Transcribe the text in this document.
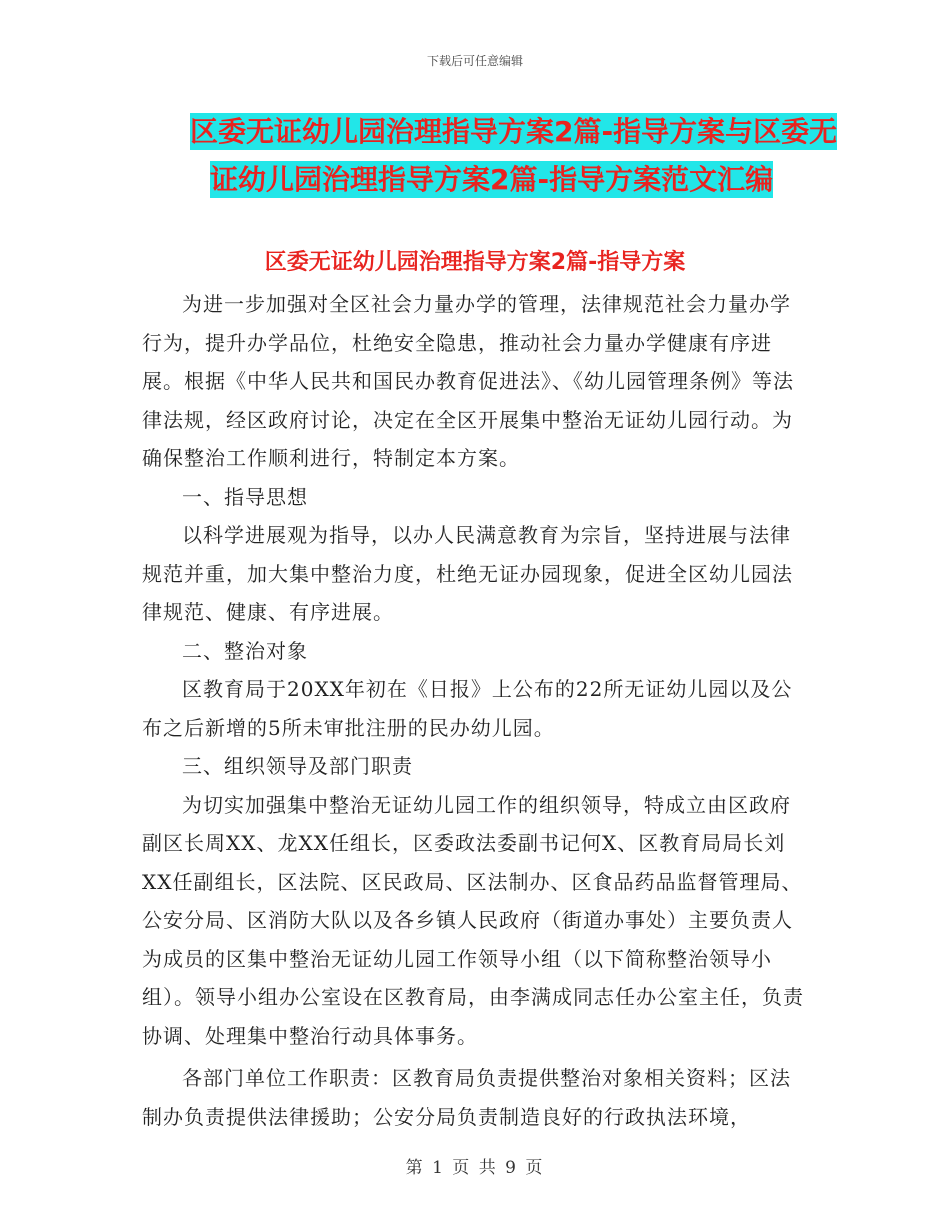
下载后可任意编辑
区委无证幼儿园治理指导方案2篇-指导方案与区委无
证幼儿园治理指导方案2篇-指导方案范文汇编
区委无证幼儿园治理指导方案2篇-指导方案

为进一步加强对全区社会力量办学的管理，法律规范社会力量办学行为，提升办学品位，杜绝安全隐患，推动社会力量办学健康有序进展。根据《中华人民共和国民办教育促进法》、《幼儿园管理条例》等法律法规，经区政府讨论，决定在全区开展集中整治无证幼儿园行动。为确保整治工作顺利进行，特制定本方案。

一、指导思想

以科学进展观为指导，以办人民满意教育为宗旨，坚持进展与法律规范并重，加大集中整治力度，杜绝无证办园现象，促进全区幼儿园法律规范、健康、有序进展。

二、整治对象

区教育局于20XX年初在《日报》上公布的22所无证幼儿园以及公布之后新增的5所未审批注册的民办幼儿园。

三、组织领导及部门职责

为切实加强集中整治无证幼儿园工作的组织领导，特成立由区政府副区长周XX、龙XX任组长，区委政法委副书记何X、区教育局局长刘XX任副组长，区法院、区民政局、区法制办、区食品药品监督管理局、公安分局、区消防大队以及各乡镇人民政府（街道办事处）主要负责人为成员的区集中整治无证幼儿园工作领导小组（以下简称整治领导小组）。领导小组办公室设在区教育局，由李满成同志任办公室主任，负责协调、处理集中整治行动具体事务。

各部门单位工作职责：区教育局负责提供整治对象相关资料；区法制办负责提供法律援助；公安分局负责制造良好的行政执法环境，

第 1 页 共 9 页
